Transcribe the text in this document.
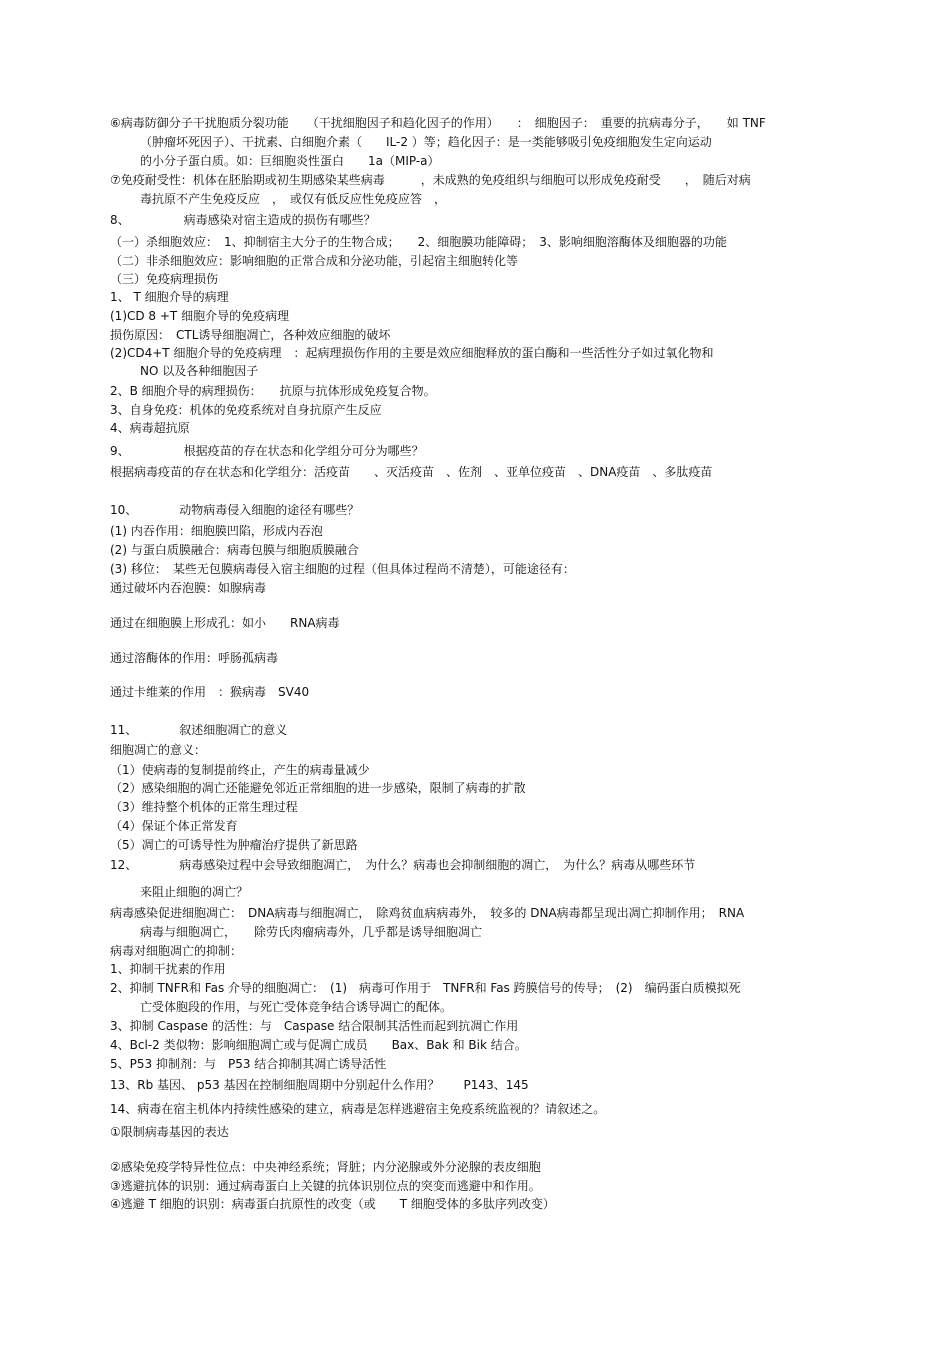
⑥病毒防御分子干扰胞质分裂功能　　（干扰细胞因子和趋化因子的作用）　　：　细胞因子：　重要的抗病毒分子，　　如 TNF

（肿瘤坏死因子）、干扰素、白细胞介素（　　IL-2 ）等；趋化因子：是一类能够吸引免疫细胞发生定向运动

的小分子蛋白质。如：巨细胞炎性蛋白　　1a（MIP-a）

⑦免疫耐受性：机体在胚胎期或初生期感染某些病毒　　　，未成熟的免疫组织与细胞可以形成免疫耐受　　，　随后对病

毒抗原不产生免疫反应　，　或仅有低反应性免疫应答　，

8、　　　　　病毒感染对宿主造成的损伤有哪些？

（一）杀细胞效应：　1、抑制宿主大分子的生物合成；　　2、细胞膜功能障碍；　3、影响细胞溶酶体及细胞器的功能

（二）非杀细胞效应：影响细胞的正常合成和分泌功能，引起宿主细胞转化等

（三）免疫病理损伤

1、 T 细胞介导的病理

(1)CD 8 +T 细胞介导的免疫病理

损伤原因：　CTL诱导细胞凋亡，各种效应细胞的破坏

(2)CD4+T 细胞介导的免疫病理　：起病理损伤作用的主要是效应细胞释放的蛋白酶和一些活性分子如过氧化物和

NO 以及各种细胞因子

2、B 细胞介导的病理损伤：　　抗原与抗体形成免疫复合物。

3、自身免疫：机体的免疫系统对自身抗原产生反应

4、病毒超抗原

9、　　　　　根据疫苗的存在状态和化学组分可分为哪些？

根据病毒疫苗的存在状态和化学组分：活疫苗　　、灭活疫苗　、佐剂　、亚单位疫苗　、DNA疫苗　、多肽疫苗

10、　　　　动物病毒侵入细胞的途径有哪些？

(1) 内吞作用：细胞膜凹陷，形成内吞泡

(2) 与蛋白质膜融合：病毒包膜与细胞质膜融合

(3) 移位：　某些无包膜病毒侵入宿主细胞的过程（但具体过程尚不清楚），可能途径有：

通过破坏内吞泡膜：如腺病毒

通过在细胞膜上形成孔：如小　　RNA病毒

通过溶酶体的作用：呼肠孤病毒

通过卡维莱的作用　：猴病毒　SV40

11、　　　　叙述细胞凋亡的意义

细胞凋亡的意义：

（1）使病毒的复制提前终止，产生的病毒量减少

（2）感染细胞的凋亡还能避免邻近正常细胞的进一步感染，限制了病毒的扩散

（3）维持整个机体的正常生理过程

（4）保证个体正常发育

（5）凋亡的可诱导性为肿瘤治疗提供了新思路

12、　　　　病毒感染过程中会导致细胞凋亡，　为什么？病毒也会抑制细胞的凋亡，　为什么？病毒从哪些环节

来阻止细胞的凋亡？

病毒感染促进细胞凋亡：　DNA病毒与细胞凋亡，　除鸡贫血病病毒外，　较多的 DNA病毒都呈现出凋亡抑制作用；　RNA

病毒与细胞凋亡，　　除劳氏肉瘤病毒外，几乎都是诱导细胞凋亡

病毒对细胞凋亡的抑制：

1、抑制干扰素的作用

2、抑制 TNFR和 Fas 介导的细胞凋亡：　(1)　病毒可作用于　TNFR和 Fas 跨膜信号的传导；　(2)　编码蛋白质模拟死

亡受体胞段的作用，与死亡受体竞争结合诱导凋亡的配体。

3、抑制 Caspase 的活性：与　Caspase 结合限制其活性而起到抗凋亡作用

4、Bcl-2 类似物：影响细胞凋亡或与促凋亡成员　　Bax、Bak 和 Bik 结合。

5、P53 抑制剂：与　P53 结合抑制其凋亡诱导活性

13、Rb 基因、 p53 基因在控制细胞周期中分别起什么作用？　　P143、145

14、病毒在宿主机体内持续性感染的建立，病毒是怎样逃避宿主免疫系统监视的？请叙述之。

①限制病毒基因的表达

②感染免疫学特异性位点：中央神经系统；肾脏；内分泌腺或外分泌腺的表皮细胞

③逃避抗体的识别：通过病毒蛋白上关键的抗体识别位点的突变而逃避中和作用。

④逃避 T 细胞的识别：病毒蛋白抗原性的改变（或　　T 细胞受体的多肽序列改变）
